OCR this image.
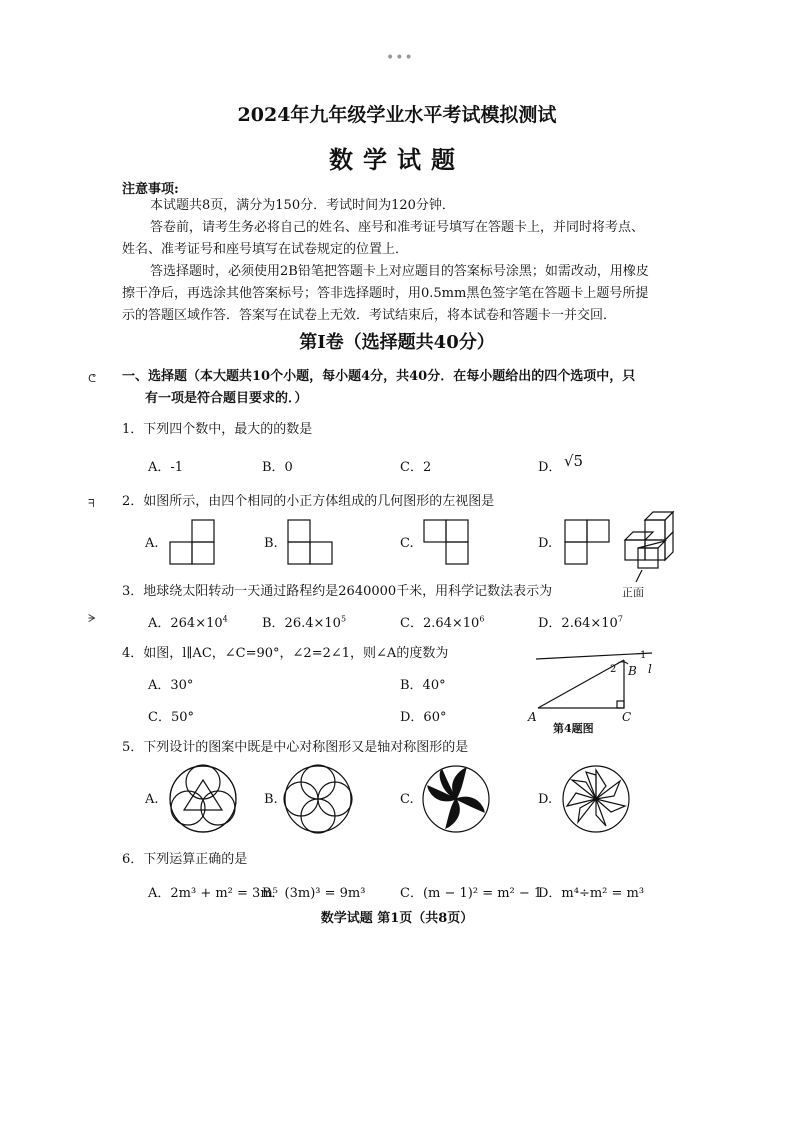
•••
2024年九年级学业水平考试模拟测试
数学试题
注意事项:
本试题共8页，满分为150分．考试时间为120分钟．
答卷前，请考生务必将自己的姓名、座号和准考证号填写在答题卡上，并同时将考点、
姓名、准考证号和座号填写在试卷规定的位置上．
答选择题时，必须使用2B铅笔把答题卡上对应题目的答案标号涂黑；如需改动，用橡皮
擦干净后，再选涂其他答案标号；答非选择题时，用0.5mm黑色签字笔在答题卡上题号所提
示的答题区域作答．答案写在试卷上无效．考试结束后，将本试卷和答题卡一并交回．
第Ⅰ卷（选择题共40分）
一、选择题（本大题共10个小题，每小题4分，共40分．在每小题给出的四个选项中，只
有一项是符合题目要求的．）
ᕦ
ᖷ
ᗒ
1．下列四个数中，最大的的数是
A．-1	B．0	C．2	D． √5
2．如图所示，由四个相同的小正方体组成的几何图形的左视图是
A.	B.	C.	D.
正面
3．地球绕太阳转动一天通过路程约是2640000千米，用科学记数法表示为
A．$264\times 10^4$	B．$26.4\times 10^5$	C．$2.64\times 10^6$	D．$2.64\times 10^7$
4．如图，l∥AC，∠C=90°，∠2=2∠1，则∠A的度数为
A．30°	B．40°
C．50°	D．60°	A
B
C
l
1
2
第4题图
5．下列设计的图案中既是中心对称图形又是轴对称图形的是
A.	B.	C.	D.
6．下列运算正确的是
A．2m³ + m² = 3m⁵
B．(3m)³ = 9m³	C．(m − 1)² = m² − 1
D．m⁴÷m² = m³
数学试题 第1页（共8页）
